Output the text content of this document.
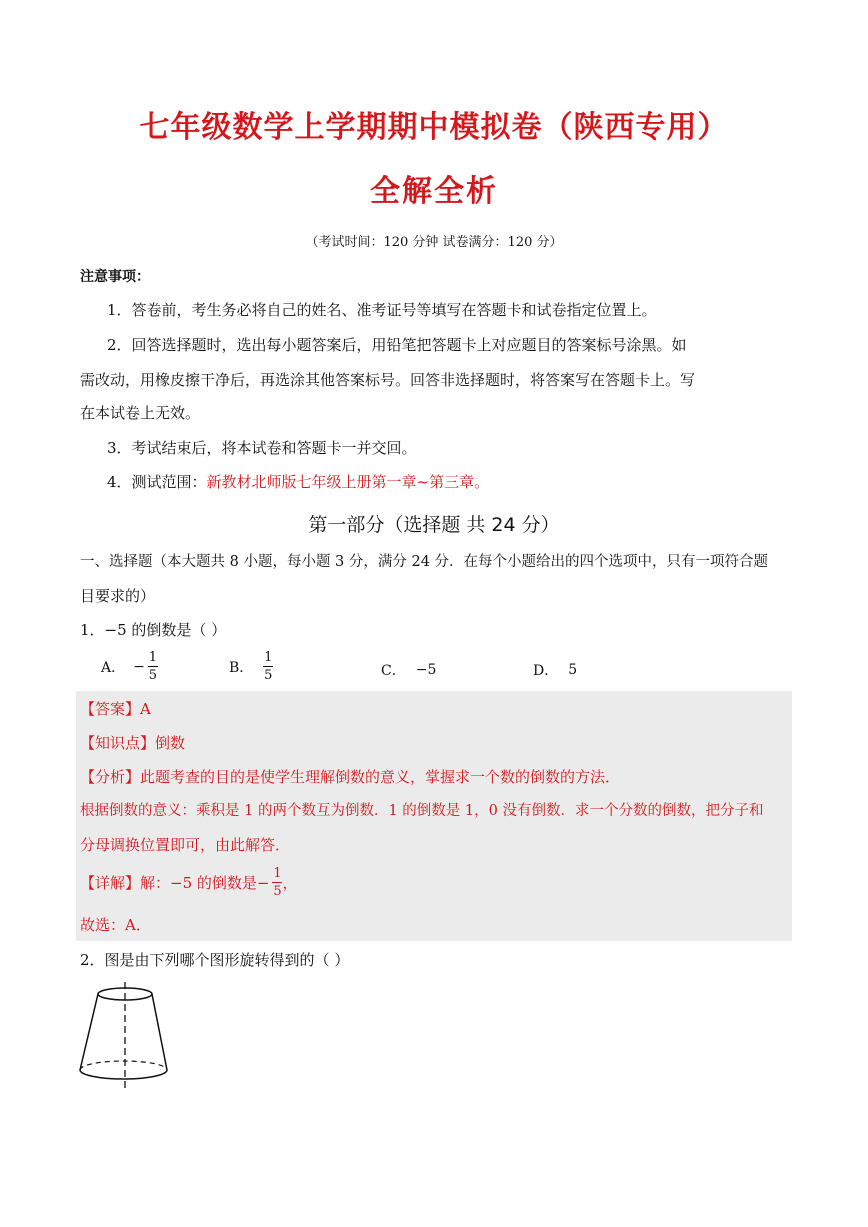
七年级数学上学期期中模拟卷（陕西专用）
全解全析
（考试时间：120 分钟 试卷满分：120 分）
注意事项：
1．答卷前，考生务必将自己的姓名、准考证号等填写在答题卡和试卷指定位置上。
2．回答选择题时，选出每小题答案后，用铅笔把答题卡上对应题目的答案标号涂黑。如
需改动，用橡皮擦干净后，再选涂其他答案标号。回答非选择题时，将答案写在答题卡上。写
在本试卷上无效。
3．考试结束后，将本试卷和答题卡一并交回。
4．测试范围：新教材北师版七年级上册第一章~第三章。
第一部分（选择题 共 24 分）
一、选择题（本大题共 8 小题，每小题 3 分，满分 24 分．在每个小题给出的四个选项中，只有一项符合题
目要求的）
1．−5 的倒数是（ ）
A． − $\frac{1}{5}$	B． $\frac{1}{5}$	C． −5	D． 5
【答案】A
【知识点】倒数
【分析】此题考查的目的是使学生理解倒数的意义，掌握求一个数的倒数的方法．
根据倒数的意义：乘积是 1 的两个数互为倒数．1 的倒数是 1，0 没有倒数．求一个分数的倒数，把分子和
分母调换位置即可，由此解答．
【详解】 解：−5 的倒数是 − $\frac{1}{5}$ ，
故选：A．
2．图是由下列哪个图形旋转得到的（ ）
